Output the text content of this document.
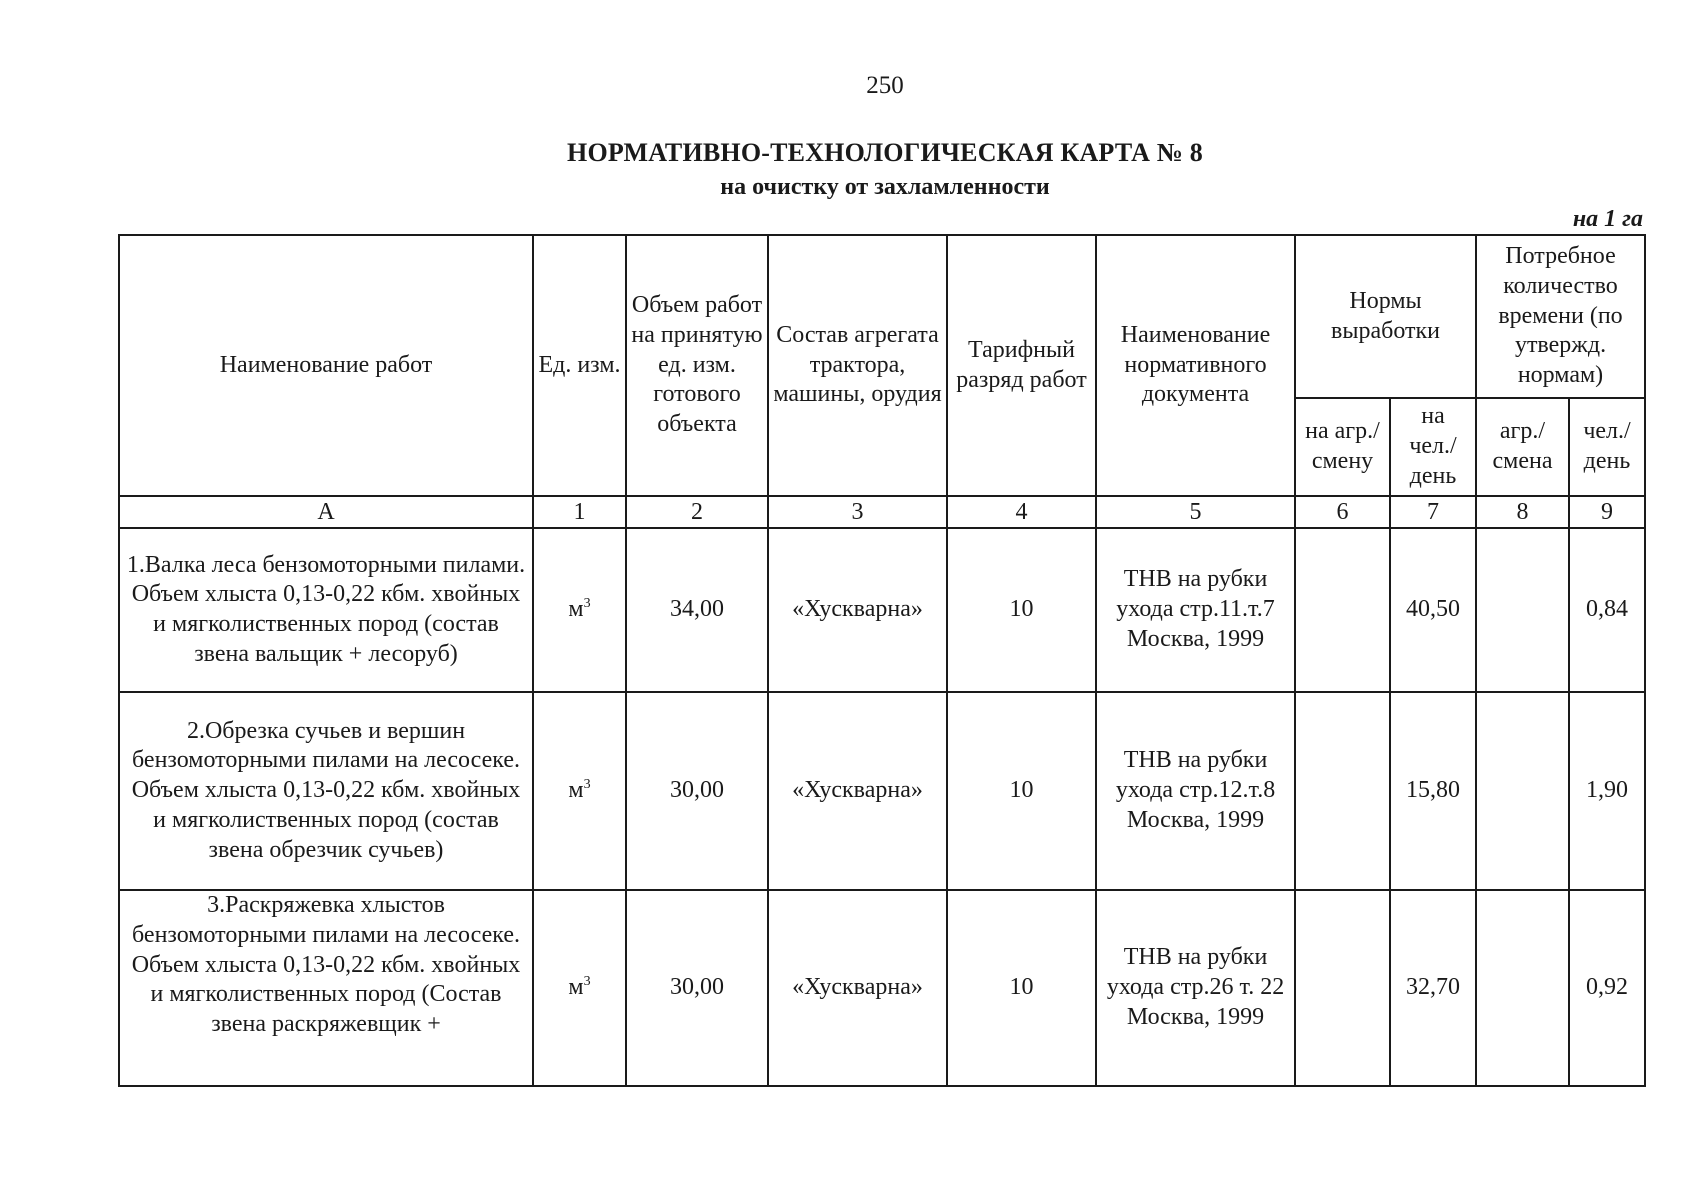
250
НОРМАТИВНО-ТЕХНОЛОГИЧЕСКАЯ КАРТА № 8
на очистку от захламленности
на 1 га
Наименование работ	Ед. изм.	Объем работ на принятую ед. изм. готового объекта	Состав агрегата трактора, машины, орудия	Тарифный разряд работ	Наименование нормативного документа	Нормы выработки		Потребное количество времени (по утвержд. нормам)	
						на агр./ смену	на чел./ день	агр./ смена	чел./ день
А	1	2	3	4	5	6	7	8	9
1.Валка леса бензомоторными пилами. Объем хлыста 0,13-0,22 кбм. хвойных и мягколиственных пород (состав звена вальщик + лесоруб)	$м^3$	34,00	«Хускварна»	10	ТНВ на рубки ухода стр.11.т.7 Москва, 1999		40,50		0,84
2.Обрезка сучьев и вершин бензомоторными пилами на лесосеке. Объем хлыста 0,13-0,22 кбм. хвойных и мягколиственных пород (состав звена обрезчик сучьев)	$м^3$	30,00	«Хускварна»	10	ТНВ на рубки ухода стр.12.т.8 Москва, 1999		15,80		1,90

3.Раскряжевка хлыстов бензомоторными пилами на лесосеке. Объем хлыста 0,13-0,22 кбм. хвойных и мягколиственных пород (Состав звена раскряжевщик +	$м^3$	30,00	«Хускварна»	10	ТНВ на рубки ухода стр.26 т. 22 Москва, 1999		32,70		0,92
